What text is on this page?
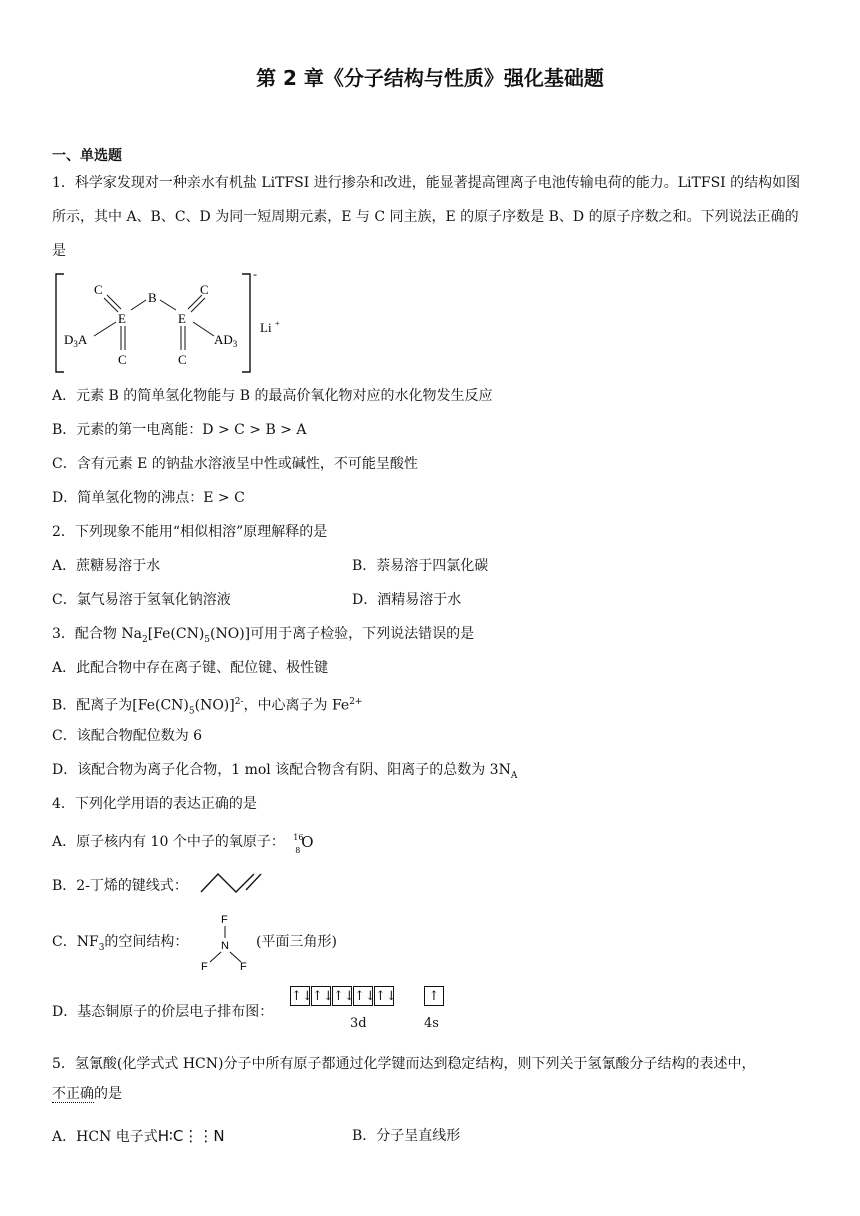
第 2 章《分子结构与性质》强化基础题
一、单选题
1．科学家发现对一种亲水有机盐 LiTFSI 进行掺杂和改进，能显著提高锂离子电池传输电荷的能力。LiTFSI 的结构如图所示，其中 A、B、C、D 为同一短周期元素，E 与 C 同主族，E 的原子序数是 B、D 的原子序数之和。下列说法正确的是
C
B
C
E	E
$D_3A$	$AD_3$
C	C
-
Li +
A．元素 B 的简单氢化物能与 B 的最高价氧化物对应的水化物发生反应
B．元素的第一电离能：D > C > B > A
C．含有元素 E 的钠盐水溶液呈中性或碱性，不可能呈酸性
D．简单氢化物的沸点：E > C
2．下列现象不能用“相似相溶”原理解释的是
A．蔗糖易溶于水	B．萘易溶于四氯化碳
C．氯气易溶于氢氧化钠溶液	D．酒精易溶于水
3．配合物 $Na_2[Fe(CN)_5(NO)]$可用于离子检验，下列说法错误的是
A．此配合物中存在离子键、配位键、极性键
B．配离子为$[Fe(CN)_5(NO)]^{2-}$，中心离子为 $Fe^{2+}$
C．该配合物配位数为 6
D．该配合物为离子化合物，1 mol 该配合物含有阴、阳离子的总数为 $3N_A$
4．下列化学用语的表达正确的是
A．原子核内有 10 个中子的氧原子： 16
8 O
B．2-丁烯的键线式：
C．$NF_3$的空间结构：
F
N
F	F
(平面三角形)
D．基态铜原子的价层电子排布图：
↑↓ ↑↓ ↑↓ ↑↓ ↑↓	↑
3d	4s
5．氢氰酸(化学式式 HCN)分子中所有原子都通过化学键而达到稳定结构，则下列关于氢氰酸分子结构的表述中，
不正确的是
A．HCN 电子式H∶C⋮⋮N	B．分子呈直线形
